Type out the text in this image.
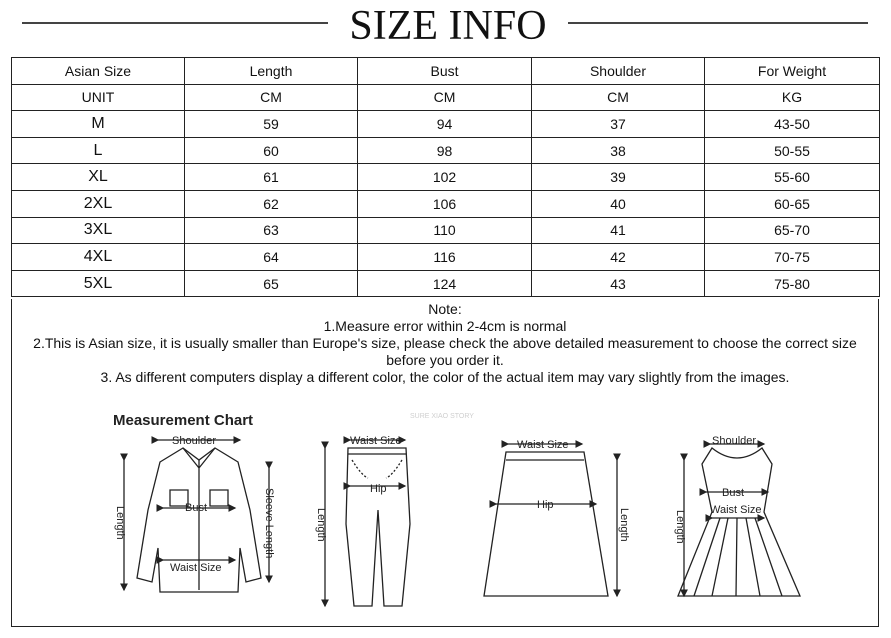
SIZE INFO
Asian Size	Length	Bust	Shoulder	For Weight
UNIT	CM	CM	CM	KG
M	59	94	37	43-50
L	60	98	38	50-55
XL	61	102	39	55-60
2XL	62	106	40	60-65
3XL	63	110	41	65-70
4XL	64	116	42	70-75
5XL	65	124	43	75-80

Note:

1.Measure error within 2-4cm is normal

2.This is Asian size, it is usually smaller than Europe's size, please check the above detailed measurement to choose the correct size before you order it.

3. As different computers display a different color, the color of the actual item may vary slightly from the images.

Measurement Chart	SURE XIAO STORY
Shoulder
Bust
Waist Size
Length	Sleeve Length
Waist Size
Hip
Length
Waist Size
Hip
Length
Shoulder
Bust
Waist Size
Length
